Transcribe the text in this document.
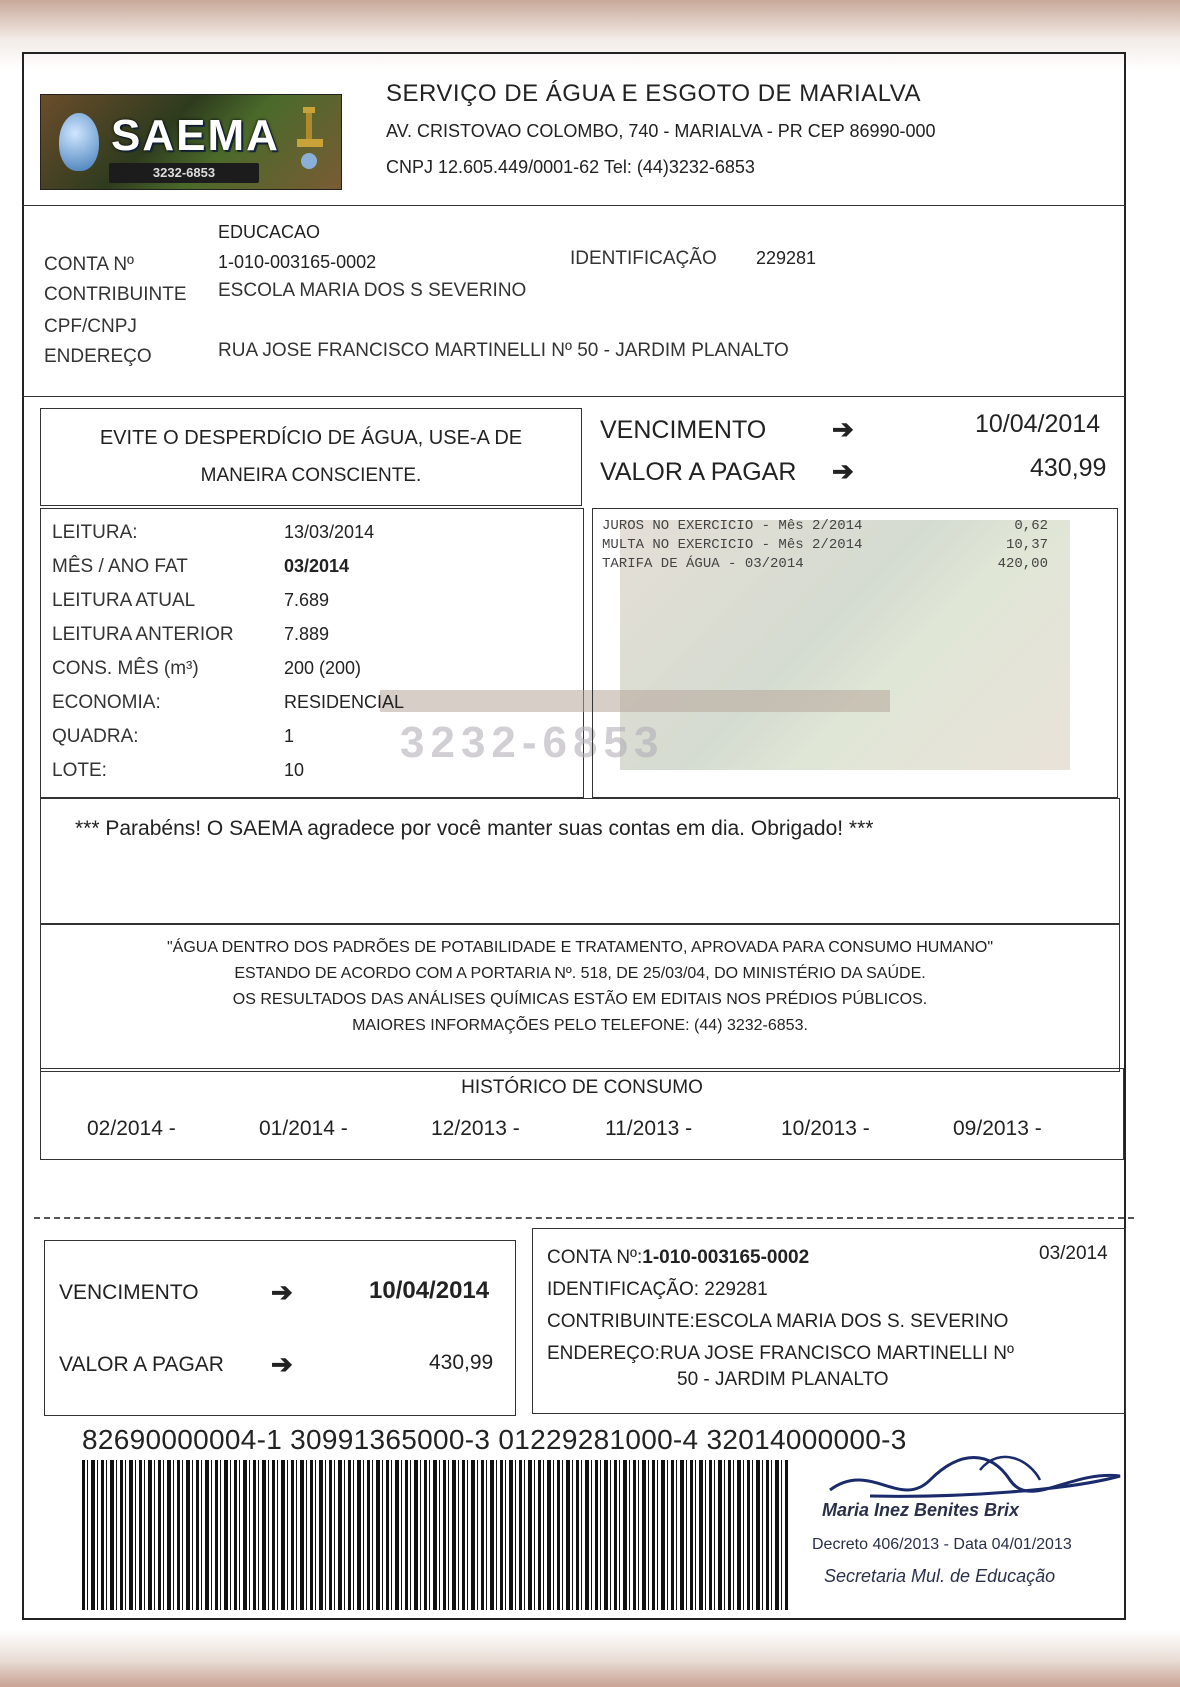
SAEMA
3232-6853
SERVIÇO DE ÁGUA E ESGOTO DE MARIALVA
AV. CRISTOVAO COLOMBO, 740 - MARIALVA - PR CEP 86990-000
CNPJ 12.605.449/0001-62 Tel: (44)3232-6853
EDUCACAO
CONTA Nº	1-010-003165-0002	IDENTIFICAÇÃO 229281
CONTRIBUINTE ESCOLA MARIA DOS S SEVERINO
CPF/CNPJ
ENDEREÇO	RUA JOSE FRANCISCO MARTINELLI Nº 50 - JARDIM PLANALTO
EVITE O DESPERDÍCIO DE ÁGUA, USE-A DE
MANEIRA CONSCIENTE.
VENCIMENTO	➔	10/04/2014
VALOR A PAGAR ➔	430,99
3232-6853
LEITURA:	13/03/2014
MÊS / ANO FAT	03/2014
LEITURA ATUAL	7.689
LEITURA ANTERIOR	7.889
CONS. MÊS (m³)	200 (200)
ECONOMIA:	RESIDENCIAL
QUADRA:	1
LOTE:	10
JUROS NO EXERCICIO - Mês 2/2014	0,62
MULTA NO EXERCICIO - Mês 2/2014	10,37
TARIFA DE ÁGUA - 03/2014	420,00
*** Parabéns! O SAEMA agradece por você manter suas contas em dia. Obrigado! ***
"ÁGUA DENTRO DOS PADRÕES DE POTABILIDADE E TRATAMENTO, APROVADA PARA CONSUMO HUMANO"
ESTANDO DE ACORDO COM A PORTARIA Nº. 518, DE 25/03/04, DO MINISTÉRIO DA SAÚDE.
OS RESULTADOS DAS ANÁLISES QUÍMICAS ESTÃO EM EDITAIS NOS PRÉDIOS PÚBLICOS.
MAIORES INFORMAÇÕES PELO TELEFONE: (44) 3232-6853.
HISTÓRICO DE CONSUMO
02/2014 -	01/2014 -	12/2013 -	11/2013 -	10/2013 -	09/2013 -
VENCIMENTO	➔	10/04/2014
VALOR A PAGAR ➔	430,99
CONTA Nº:1-010-003165-0002	03/2014
IDENTIFICAÇÃO: 229281
CONTRIBUINTE:ESCOLA MARIA DOS S. SEVERINO
ENDEREÇO:RUA JOSE FRANCISCO MARTINELLI Nº
50 - JARDIM PLANALTO
82690000004-1 30991365000-3 01229281000-4 32014000000-3
Maria Inez Benites Brix
Decreto 406/2013 - Data 04/01/2013
Secretaria Mul. de Educação
